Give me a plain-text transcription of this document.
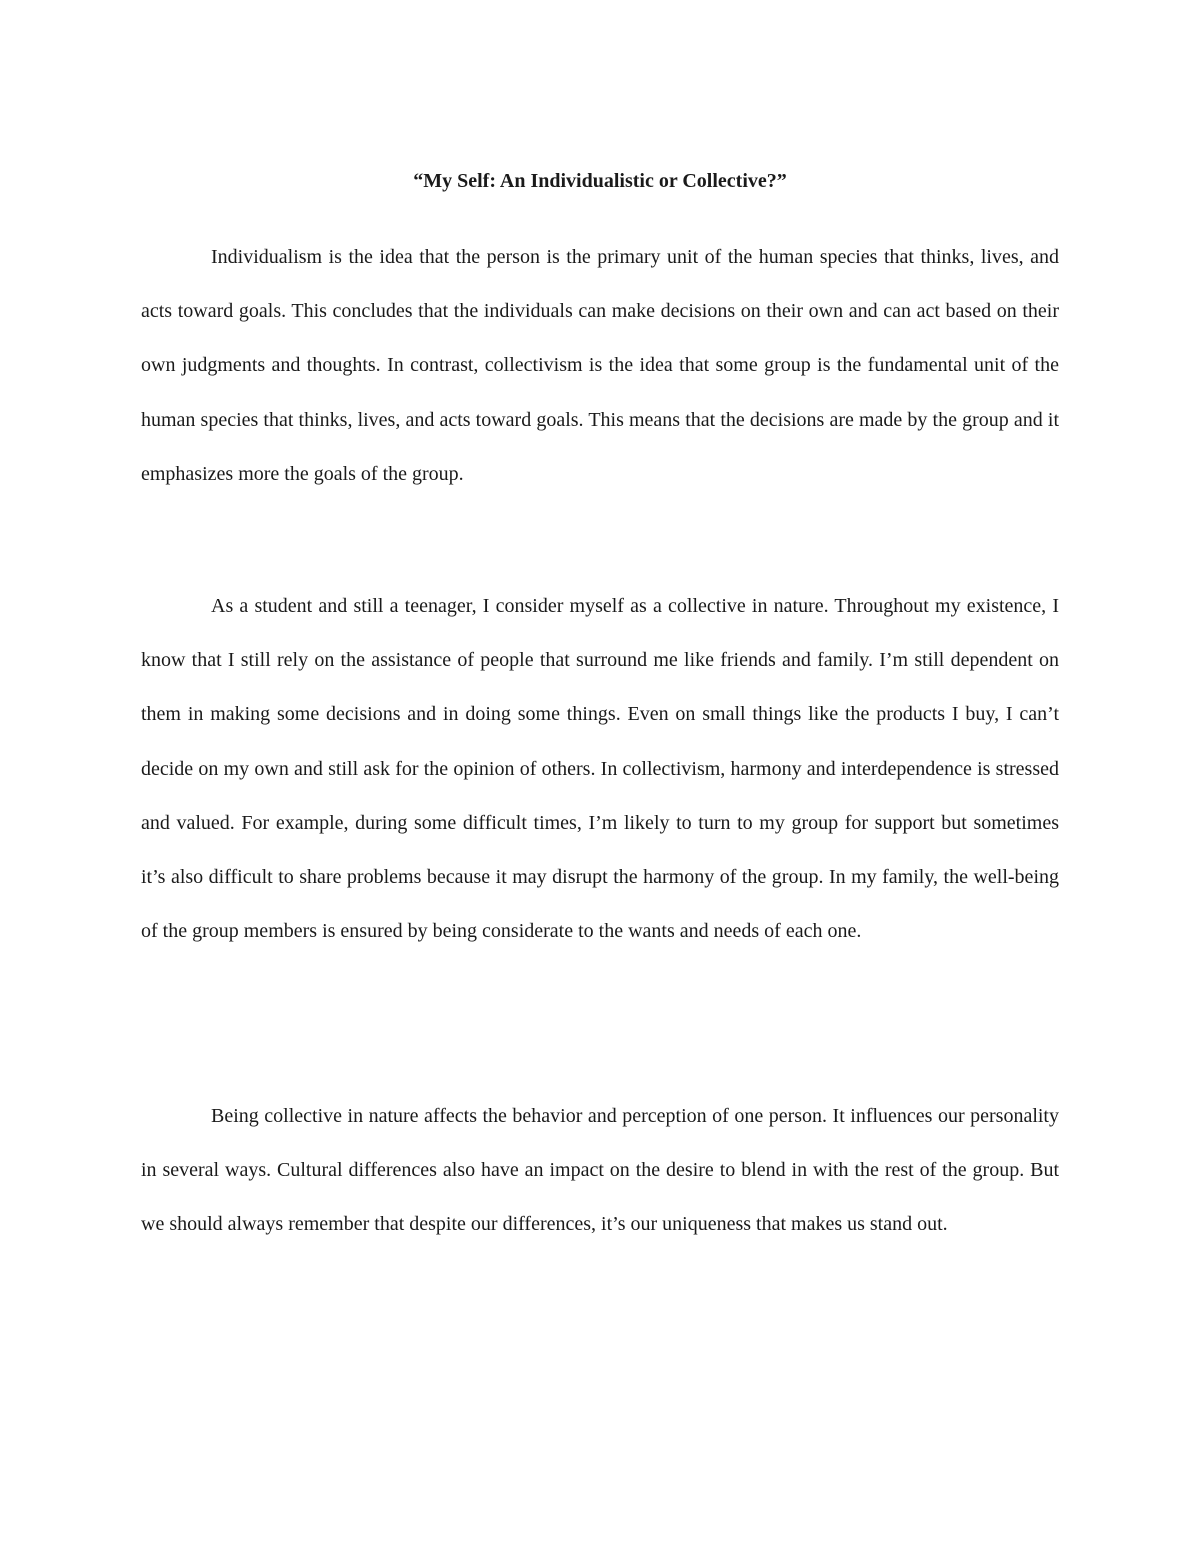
“My Self: An Individualistic or Collective?”

Individualism is the idea that the person is the primary unit of the human species that thinks, lives, and acts toward goals. This concludes that the individuals can make decisions on their own and can act based on their own judgments and thoughts. In contrast, collectivism is the idea that some group is the fundamental unit of the human species that thinks, lives, and acts toward goals. This means that the decisions are made by the group and it emphasizes more the goals of the group.

As a student and still a teenager, I consider myself as a collective in nature. Throughout my existence, I know that I still rely on the assistance of people that surround me like friends and family. I’m still dependent on them in making some decisions and in doing some things. Even on small things like the products I buy, I can’t decide on my own and still ask for the opinion of others. In collectivism, harmony and interdependence is stressed and valued. For example, during some difficult times, I’m likely to turn to my group for support but sometimes it’s also difficult to share problems because it may disrupt the harmony of the group. In my family, the well-being of the group members is ensured by being considerate to the wants and needs of each one.

Being collective in nature affects the behavior and perception of one person. It influences our personality in several ways. Cultural differences also have an impact on the desire to blend in with the rest of the group. But we should always remember that despite our differences, it’s our uniqueness that makes us stand out.
